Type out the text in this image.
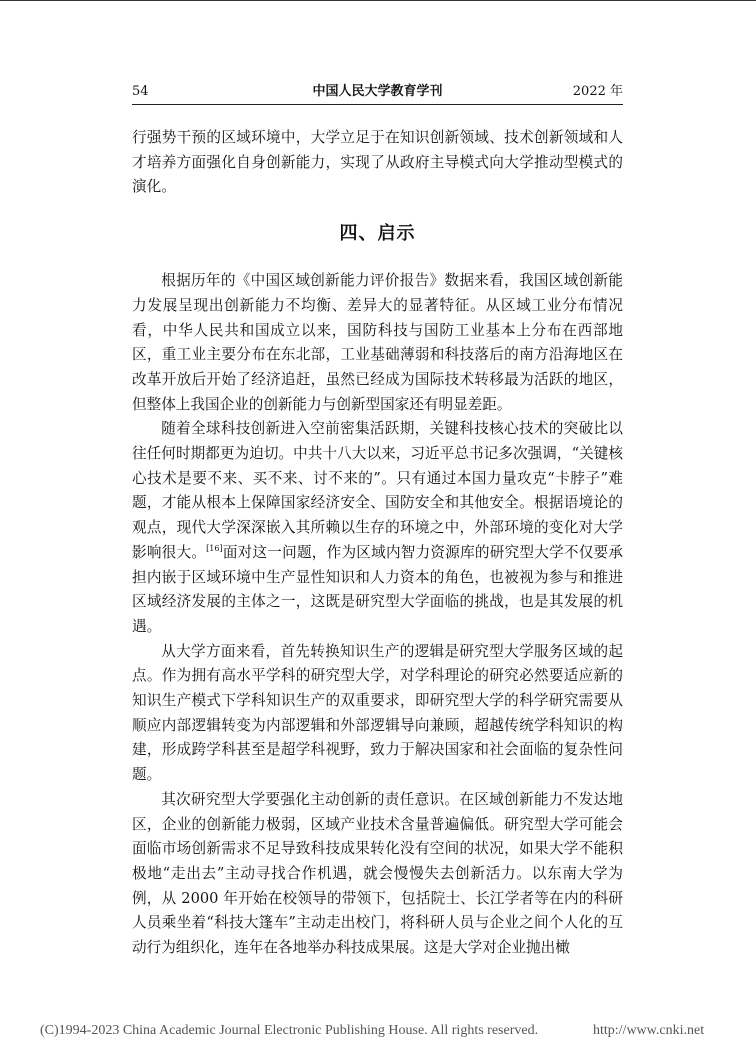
54	中国人民大学教育学刊	2022 年

行强势干预的区域环境中，大学立足于在知识创新领域、技术创新领域和人才培养方面强化自身创新能力，实现了从政府主导模式向大学推动型模式的演化。

四、启示

根据历年的《中国区域创新能力评价报告》数据来看，我国区域创新能力发展呈现出创新能力不均衡、差异大的显著特征。从区域工业分布情况看，中华人民共和国成立以来，国防科技与国防工业基本上分布在西部地区，重工业主要分布在东北部，工业基础薄弱和科技落后的南方沿海地区在改革开放后开始了经济追赶，虽然已经成为国际技术转移最为活跃的地区，但整体上我国企业的创新能力与创新型国家还有明显差距。

随着全球科技创新进入空前密集活跃期，关键科技核心技术的突破比以往任何时期都更为迫切。中共十八大以来，习近平总书记多次强调，“关键核心技术是要不来、买不来、讨不来的”。只有通过本国力量攻克“卡脖子”难题，才能从根本上保障国家经济安全、国防安全和其他安全。根据语境论的观点，现代大学深深嵌入其所赖以生存的环境之中，外部环境的变化对大学影响很大。[16]面对这一问题，作为区域内智力资源库的研究型大学不仅要承担内嵌于区域环境中生产显性知识和人力资本的角色，也被视为参与和推进区域经济发展的主体之一，这既是研究型大学面临的挑战，也是其发展的机遇。

从大学方面来看，首先转换知识生产的逻辑是研究型大学服务区域的起点。作为拥有高水平学科的研究型大学，对学科理论的研究必然要适应新的知识生产模式下学科知识生产的双重要求，即研究型大学的科学研究需要从顺应内部逻辑转变为内部逻辑和外部逻辑导向兼顾，超越传统学科知识的构建，形成跨学科甚至是超学科视野，致力于解决国家和社会面临的复杂性问题。

其次研究型大学要强化主动创新的责任意识。在区域创新能力不发达地区，企业的创新能力极弱，区域产业技术含量普遍偏低。研究型大学可能会面临市场创新需求不足导致科技成果转化没有空间的状况，如果大学不能积极地“走出去”主动寻找合作机遇，就会慢慢失去创新活力。以东南大学为例，从 2000 年开始在校领导的带领下，包括院士、长江学者等在内的科研人员乘坐着“科技大篷车”主动走出校门，将科研人员与企业之间个人化的互动行为组织化，连年在各地举办科技成果展。这是大学对企业抛出橄

(C)1994-2023 China Academic Journal Electronic Publishing House. All rights reserved.	http://www.cnki.net
